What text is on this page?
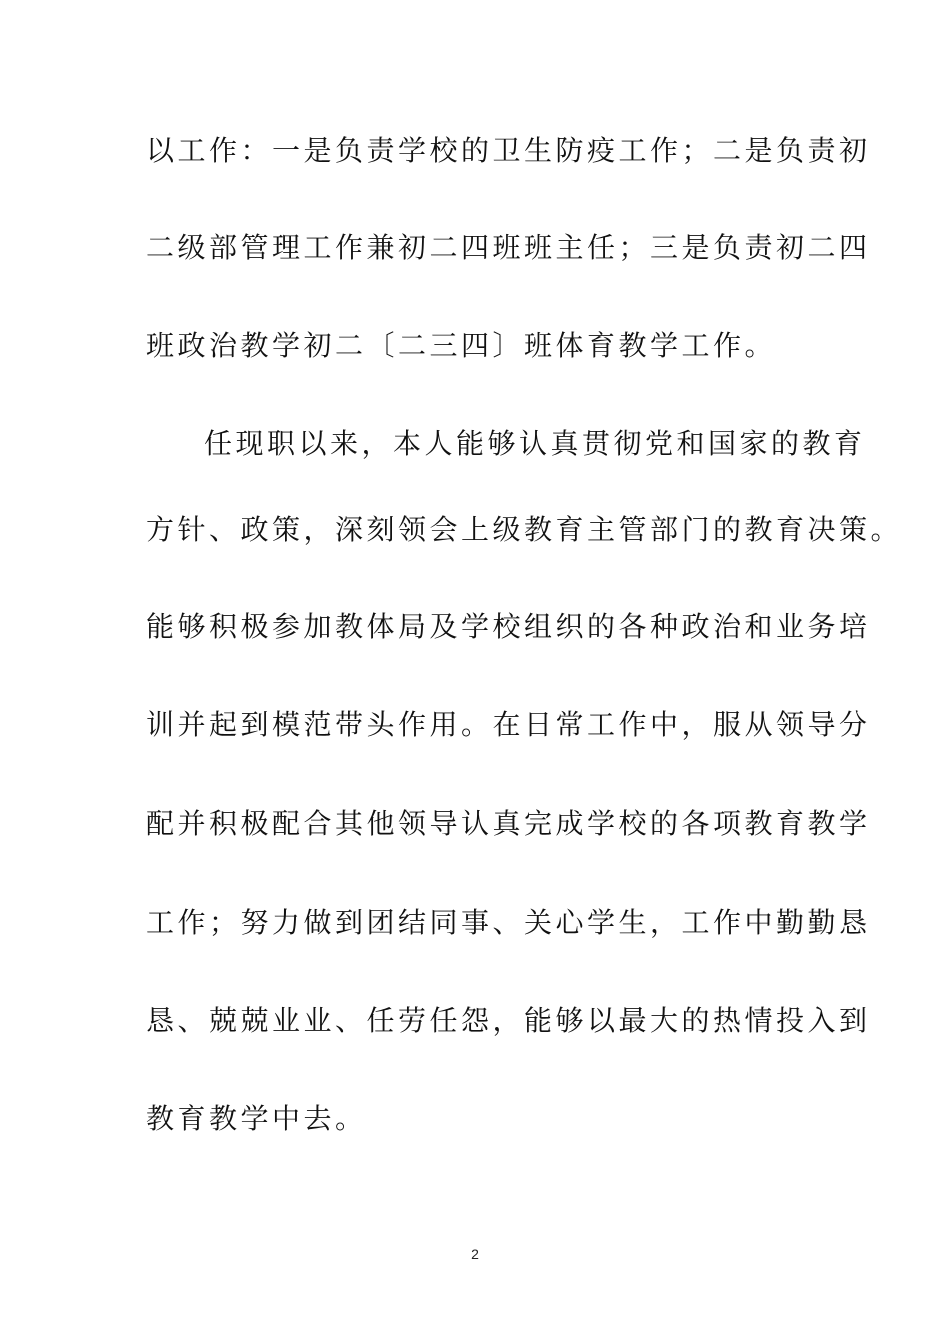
以工作：一是负责学校的卫生防疫工作；二是负责初
二级部管理工作兼初二四班班主任；三是负责初二四
班政治教学初二〔二三四〕班体育教学工作。
任现职以来，本人能够认真贯彻党和国家的教育
方针、政策，深刻领会上级教育主管部门的教育决策。
能够积极参加教体局及学校组织的各种政治和业务培
训并起到模范带头作用。在日常工作中，服从领导分
配并积极配合其他领导认真完成学校的各项教育教学
工作；努力做到团结同事、关心学生，工作中勤勤恳
恳、兢兢业业、任劳任怨，能够以最大的热情投入到
教育教学中去。
2
